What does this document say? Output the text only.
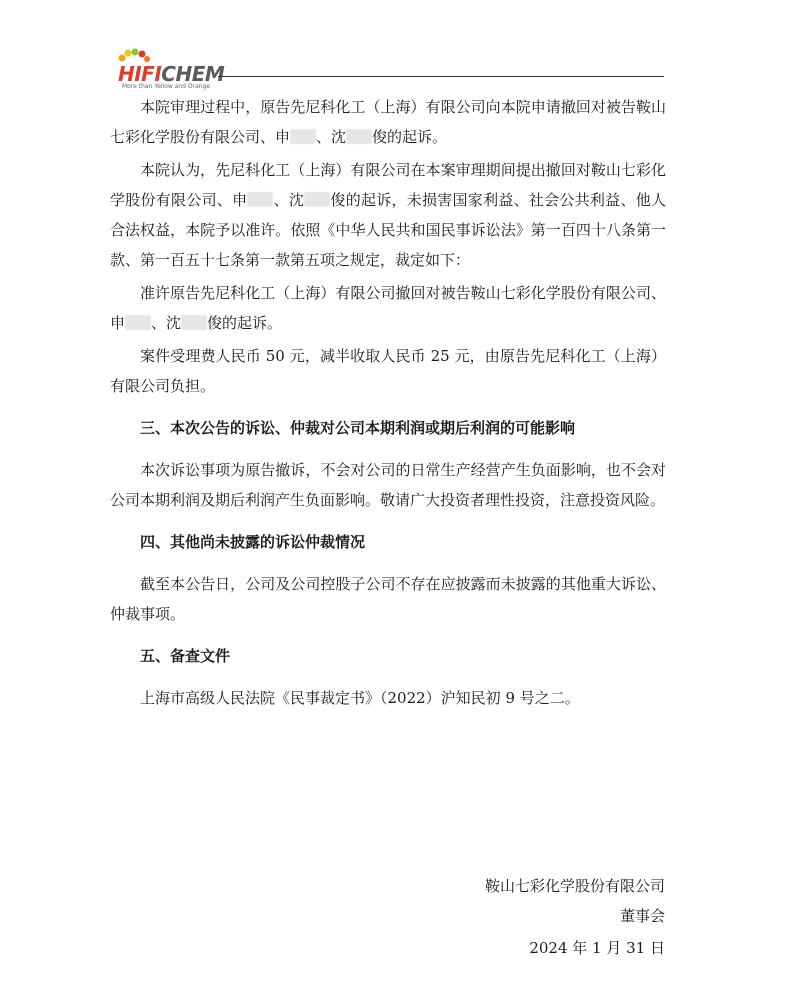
HIFICHEM
More than Yellow and Orange

本院审理过程中，原告先尼科化工（上海）有限公司向本院申请撤回对被告鞍山七彩化学股份有限公司、申 、沈 俊的起诉。

本院认为，先尼科化工（上海）有限公司在本案审理期间提出撤回对鞍山七彩化学股份有限公司、申 、沈 俊的起诉，未损害国家利益、社会公共利益、他人合法权益，本院予以准许。依照《中华人民共和国民事诉讼法》第一百四十八条第一款、第一百五十七条第一款第五项之规定，裁定如下：

准许原告先尼科化工（上海）有限公司撤回对被告鞍山七彩化学股份有限公司、申 、沈 俊的起诉。

案件受理费人民币 50 元，减半收取人民币 25 元，由原告先尼科化工（上海）有限公司负担。

三、本次公告的诉讼、仲裁对公司本期利润或期后利润的可能影响

本次诉讼事项为原告撤诉，不会对公司的日常生产经营产生负面影响，也不会对公司本期利润及期后利润产生负面影响。敬请广大投资者理性投资，注意投资风险。

四、其他尚未披露的诉讼仲裁情况

截至本公告日，公司及公司控股子公司不存在应披露而未披露的其他重大诉讼、仲裁事项。

五、备查文件

上海市高级人民法院《民事裁定书》（2022）沪知民初 9 号之二。

鞍山七彩化学股份有限公司
董事会
2024 年 1 月 31 日
